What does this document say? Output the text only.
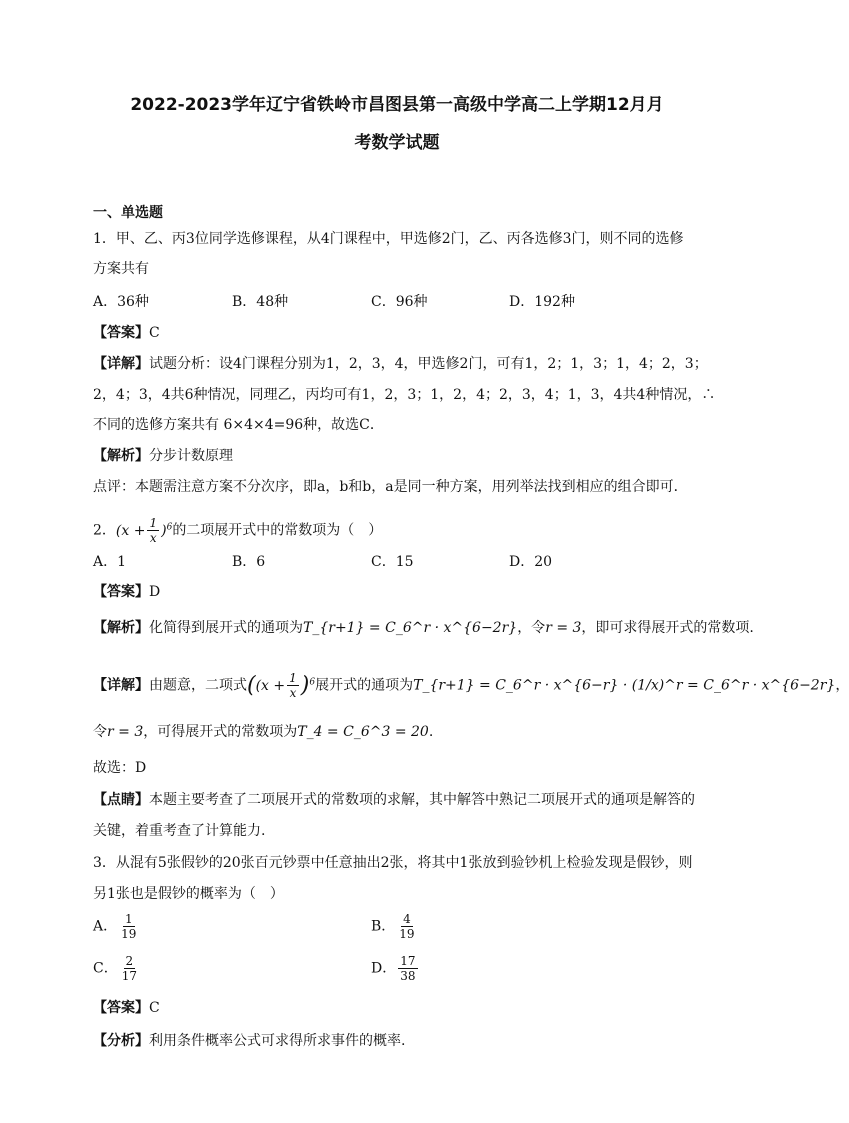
2022-2023学年辽宁省铁岭市昌图县第一高级中学高二上学期12月月
考数学试题
一、单选题
1．甲、乙、丙3位同学选修课程，从4门课程中，甲选修2门，乙、丙各选修3门，则不同的选修
方案共有
A．36种	B．48种	C．96种	D．192种
【答案】C
【详解】试题分析：设4门课程分别为1，2，3，4，甲选修2门，可有1，2；1，3；1，4；2，3；
2，4；3，4共6种情况，同理乙，丙均可有1，2，3；1，2，4；2，3，4；1，3，4共4种情况，∴
不同的选修方案共有 6×4×4=96种，故选C．
【解析】分步计数原理
点评：本题需注意方案不分次序，即a，b和b，a是同一种方案，用列举法找到相应的组合即可．
2．$(x + \frac{1}{x} )^6$的二项展开式中的常数项为（　）
A．1	B．6	C．15	D．20
【答案】D
【解析】化简得到展开式的通项为T_{r+1} = C_6^r · x^{6−2r}，令r = 3，即可求得展开式的常数项.
【详解】由题意，二项式($(x + \frac{1}{x} )^6$展开式的通项为T_{r+1} = C_6^r · x^{6−r} · (1/x)^r = C_6^r · x^{6−2r}，
令r = 3，可得展开式的常数项为T_4 = C_6^3 = 20.
故选：D
【点睛】本题主要考查了二项展开式的常数项的求解，其中解答中熟记二项展开式的通项是解答的
关键，着重考查了计算能力.
3．从混有5张假钞的20张百元钞票中任意抽出2张，将其中1张放到验钞机上检验发现是假钞，则
另1张也是假钞的概率为（　）
A． $\frac{1}{19}$	B． $\frac{4}{19}$
C． $\frac{2}{17}$	D． $\frac{17}{38}$
【答案】C
【分析】利用条件概率公式可求得所求事件的概率.
